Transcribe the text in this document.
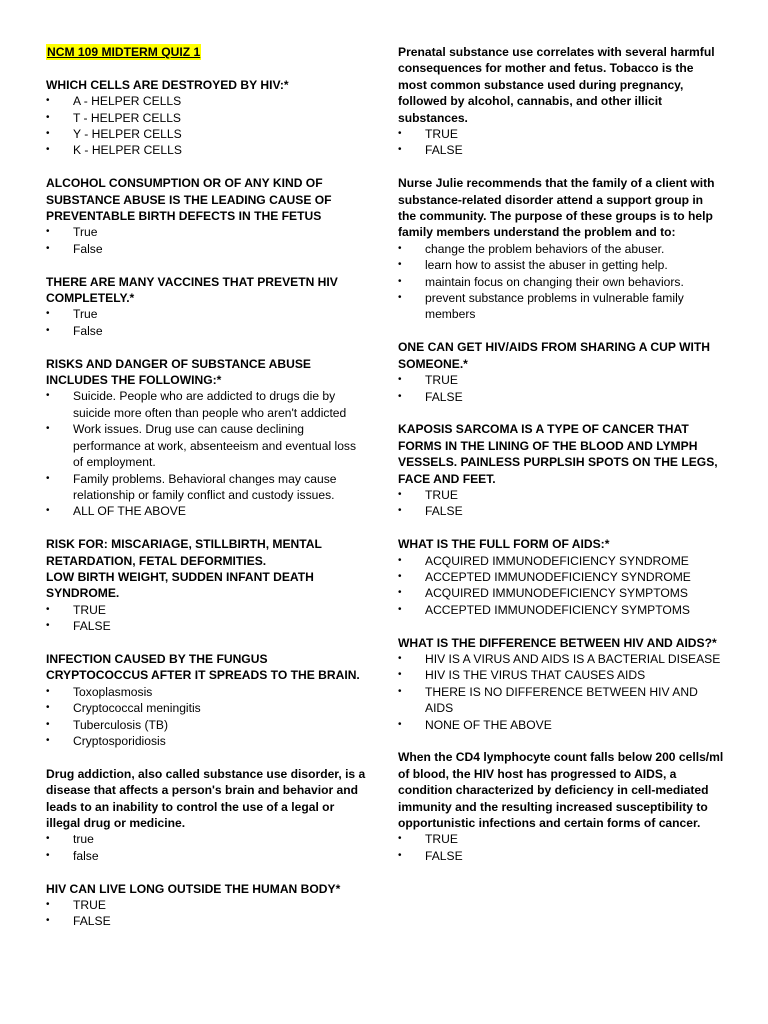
NCM 109 MIDTERM QUIZ 1

WHICH CELLS ARE DESTROYED BY HIV:*

• A - HELPER CELLS
• T - HELPER CELLS
• Y - HELPER CELLS
• K - HELPER CELLS

ALCOHOL CONSUMPTION OR OF ANY KIND OF SUBSTANCE ABUSE IS THE LEADING CAUSE OF PREVENTABLE BIRTH DEFECTS IN THE FETUS

• True
• False

THERE ARE MANY VACCINES THAT PREVETN HIV COMPLETELY.*

• True
• False

RISKS AND DANGER OF SUBSTANCE ABUSE INCLUDES THE FOLLOWING:*

• Suicide. People who are addicted to drugs die by suicide more often than people who aren't addicted
• Work issues. Drug use can cause declining performance at work, absenteeism and eventual loss of employment.
• Family problems. Behavioral changes may cause relationship or family conflict and custody issues.
• ALL OF THE ABOVE

RISK FOR: MISCARIAGE, STILLBIRTH, MENTAL RETARDATION, FETAL DEFORMITIES.

LOW BIRTH WEIGHT, SUDDEN INFANT DEATH SYNDROME.

• TRUE
• FALSE

INFECTION CAUSED BY THE FUNGUS CRYPTOCOCCUS AFTER IT SPREADS TO THE BRAIN.

• Toxoplasmosis
• Cryptococcal meningitis
• Tuberculosis (TB)
• Cryptosporidiosis

Drug addiction, also called substance use disorder, is a disease that affects a person's brain and behavior and leads to an inability to control the use of a legal or illegal drug or medicine.

• true
• false

HIV CAN LIVE LONG OUTSIDE THE HUMAN BODY*

• TRUE
• FALSE

Prenatal substance use correlates with several harmful consequences for mother and fetus. Tobacco is the most common substance used during pregnancy, followed by alcohol, cannabis, and other illicit substances.

• TRUE
• FALSE

Nurse Julie recommends that the family of a client with substance-related disorder attend a support group in the community. The purpose of these groups is to help family members understand the problem and to:

• change the problem behaviors of the abuser.
• learn how to assist the abuser in getting help.
• maintain focus on changing their own behaviors.
• prevent substance problems in vulnerable family members

ONE CAN GET HIV/AIDS FROM SHARING A CUP WITH SOMEONE.*

• TRUE
• FALSE

KAPOSIS SARCOMA IS A TYPE OF CANCER THAT FORMS IN THE LINING OF THE BLOOD AND LYMPH VESSELS. PAINLESS PURPLSIH SPOTS ON THE LEGS, FACE AND FEET.

• TRUE
• FALSE

WHAT IS THE FULL FORM OF AIDS:*

• ACQUIRED IMMUNODEFICIENCY SYNDROME
• ACCEPTED IMMUNODEFICIENCY SYNDROME
• ACQUIRED IMMUNODEFICIENCY SYMPTOMS
• ACCEPTED IMMUNODEFICIENCY SYMPTOMS

WHAT IS THE DIFFERENCE BETWEEN HIV AND AIDS?*

• HIV IS A VIRUS AND AIDS IS A BACTERIAL DISEASE
• HIV IS THE VIRUS THAT CAUSES AIDS
• THERE IS NO DIFFERENCE BETWEEN HIV AND AIDS
• NONE OF THE ABOVE

When the CD4 lymphocyte count falls below 200 cells/ml of blood, the HIV host has progressed to AIDS, a condition characterized by deficiency in cell-mediated immunity and the resulting increased susceptibility to opportunistic infections and certain forms of cancer.

• TRUE
• FALSE
